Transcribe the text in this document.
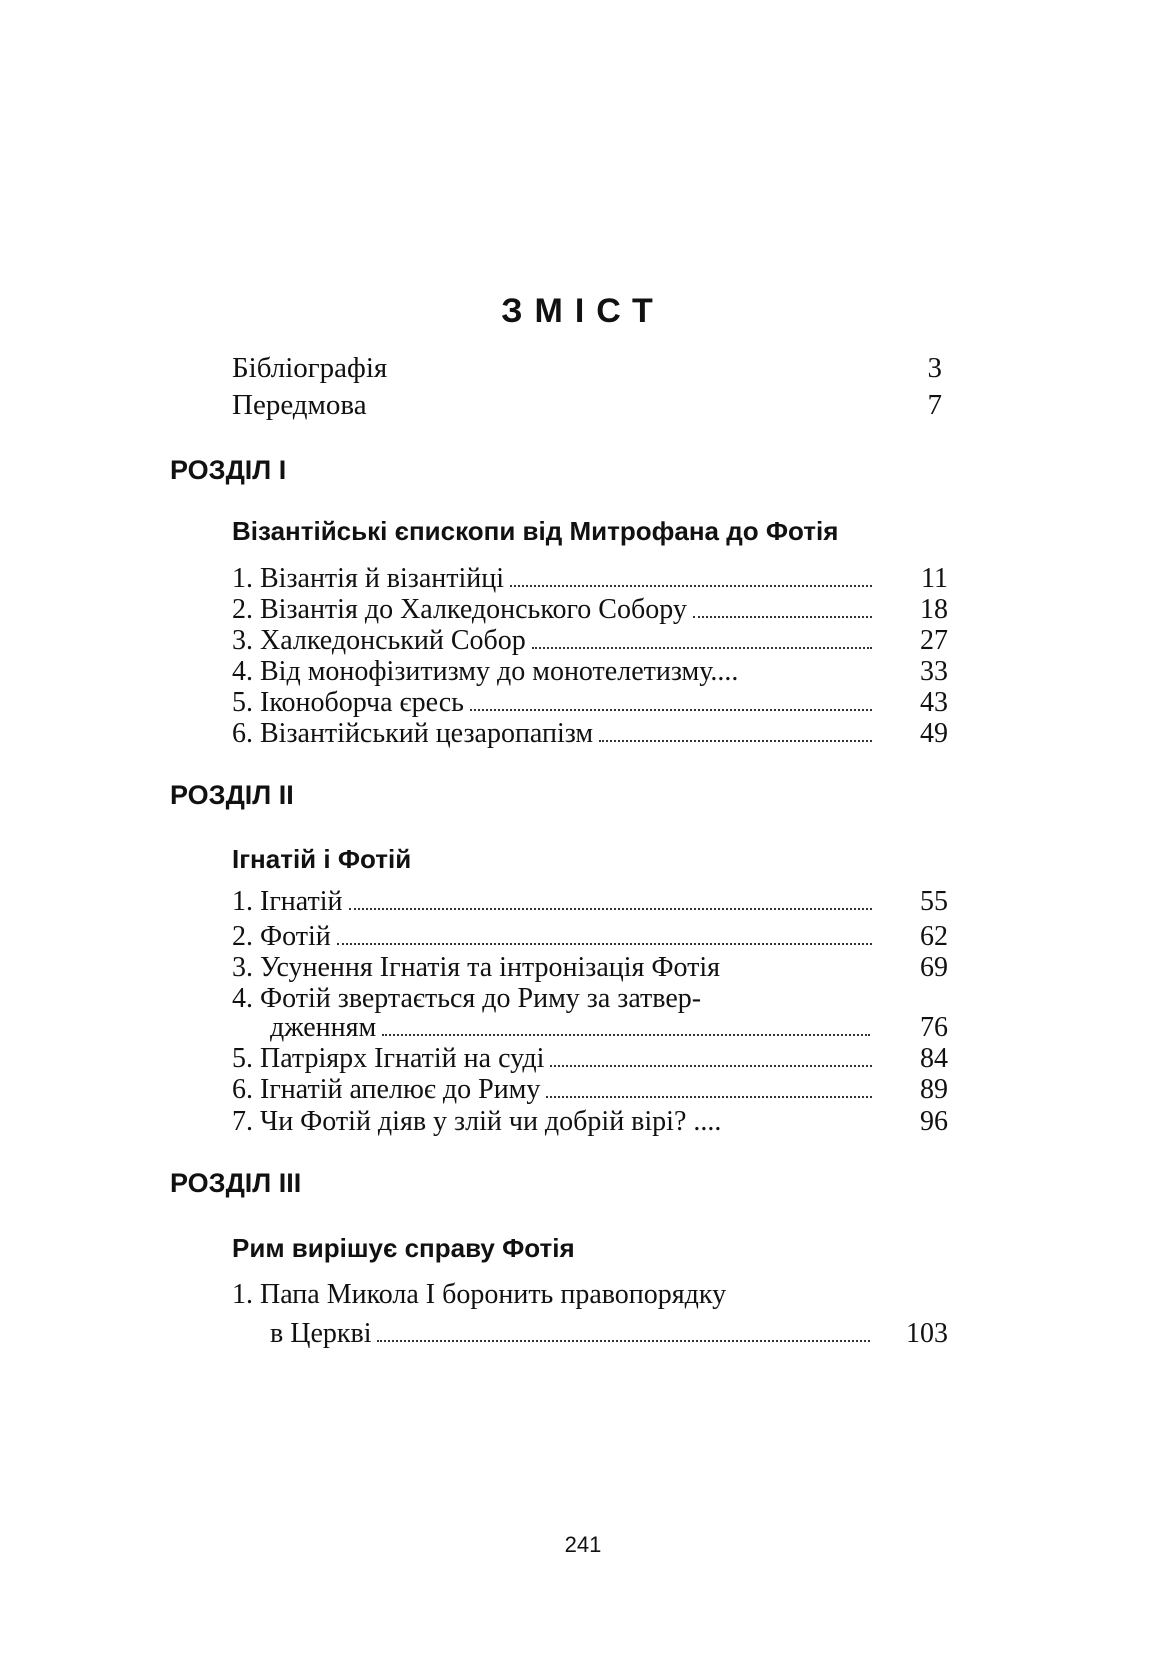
ЗМІСТ
Бібліографія	3
Передмова	7
РОЗДІЛ І
Візантійські єпископи від Митрофана до Фотія
1. Візантія й візантійці	11
2. Візантія до Халкедонського Собору	18
3. Халкедонський Собор	27
4. Від монофізитизму до монотелетизму....	33
5. Іконоборча єресь	43
6. Візантійський цезаропапізм	49
РОЗДІЛ ІІ
Ігнатій і Фотій
1. Ігнатій	55
2. Фотій	62
3. Усунення Ігнатія та інтронізація Фотія	69
4. Фотій звертається до Риму за затвер-
дженням	76
5. Патріярх Ігнатій на суді	84
6. Ігнатій апелює до Риму	89
7. Чи Фотій діяв у злій чи добрій вірі? ....	96
РОЗДІЛ ІІІ
Рим вирішує справу Фотія
1. Папа Микола І боронить правопорядку
в Церкві	103
241
